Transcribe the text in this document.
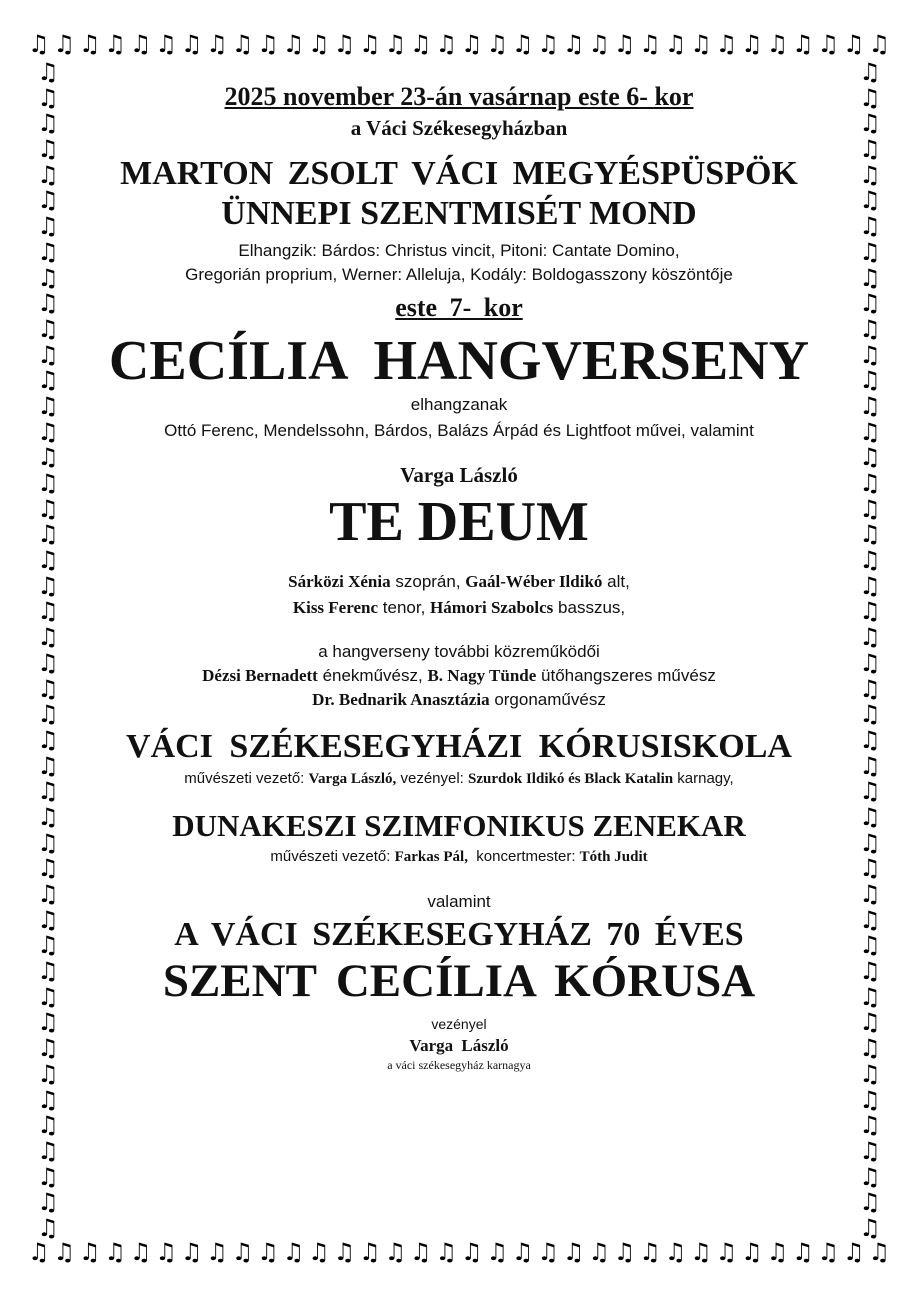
♫ ♫ ♫ ♫ ♫ ♫ ♫ ♫ ♫ ♫ ♫ ♫ ♫ ♫ ♫ ♫ ♫ ♫ ♫ ♫ ♫ ♫ ♫ ♫ ♫ ♫ ♫ ♫ ♫ ♫ ♫ ♫ ♫ ♫
♫ ♫ ♫ ♫ ♫ ♫ ♫ ♫ ♫ ♫ ♫ ♫ ♫ ♫ ♫ ♫ ♫ ♫ ♫ ♫ ♫ ♫ ♫ ♫ ♫ ♫ ♫ ♫ ♫ ♫ ♫ ♫ ♫ ♫
♫
♫
♫
♫
♫
♫
♫
♫
♫
♫
♫
♫
♫
♫
♫
♫
♫
♫
♫
♫
♫
♫
♫
♫
♫
♫
♫
♫
♫
♫
♫
♫
♫
♫
♫
♫
♫
♫
♫
♫
♫
♫
♫
♫
♫
♫
♫
♫
♫
♫
♫
♫
♫
♫
♫
♫
♫
♫
♫
♫
♫
♫
♫
♫
♫
♫
♫
♫
♫
♫
♫
♫
♫
♫
♫
♫
♫
♫
♫
♫
♫
♫
♫
♫
♫
♫
♫
♫
♫
♫
♫
♫
2025 november 23-án vasárnap este 6- kor
a Váci Székesegyházban
MARTON ZSOLT VÁCI MEGYÉSPÜSPÖK
ÜNNEPI SZENTMISÉT MOND
Elhangzik: Bárdos: Christus vincit, Pitoni: Cantate Domino,
Gregorián proprium, Werner: Alleluja, Kodály: Boldogasszony köszöntője
este 7- kor
CECÍLIA HANGVERSENY
elhangzanak
Ottó Ferenc, Mendelssohn, Bárdos, Balázs Árpád és Lightfoot művei, valamint
Varga László
TE DEUM
Sárközi Xénia szoprán, Gaál-Wéber Ildikó alt,
Kiss Ferenc tenor, Hámori Szabolcs basszus,
a hangverseny további közreműködői
Dézsi Bernadett énekművész, B. Nagy Tünde ütőhangszeres művész
Dr. Bednarik Anasztázia orgonaművész
VÁCI SZÉKESEGYHÁZI KÓRUSISKOLA
művészeti vezető: Varga László, vezényel: Szurdok Ildikó és Black Katalin karnagy,
DUNAKESZI SZIMFONIKUS ZENEKAR
művészeti vezető: Farkas Pál, koncertmester: Tóth Judit
valamint
A VÁCI SZÉKESEGYHÁZ 70 ÉVES
SZENT CECÍLIA KÓRUSA
vezényel
Varga László
a váci székesegyház karnagya
